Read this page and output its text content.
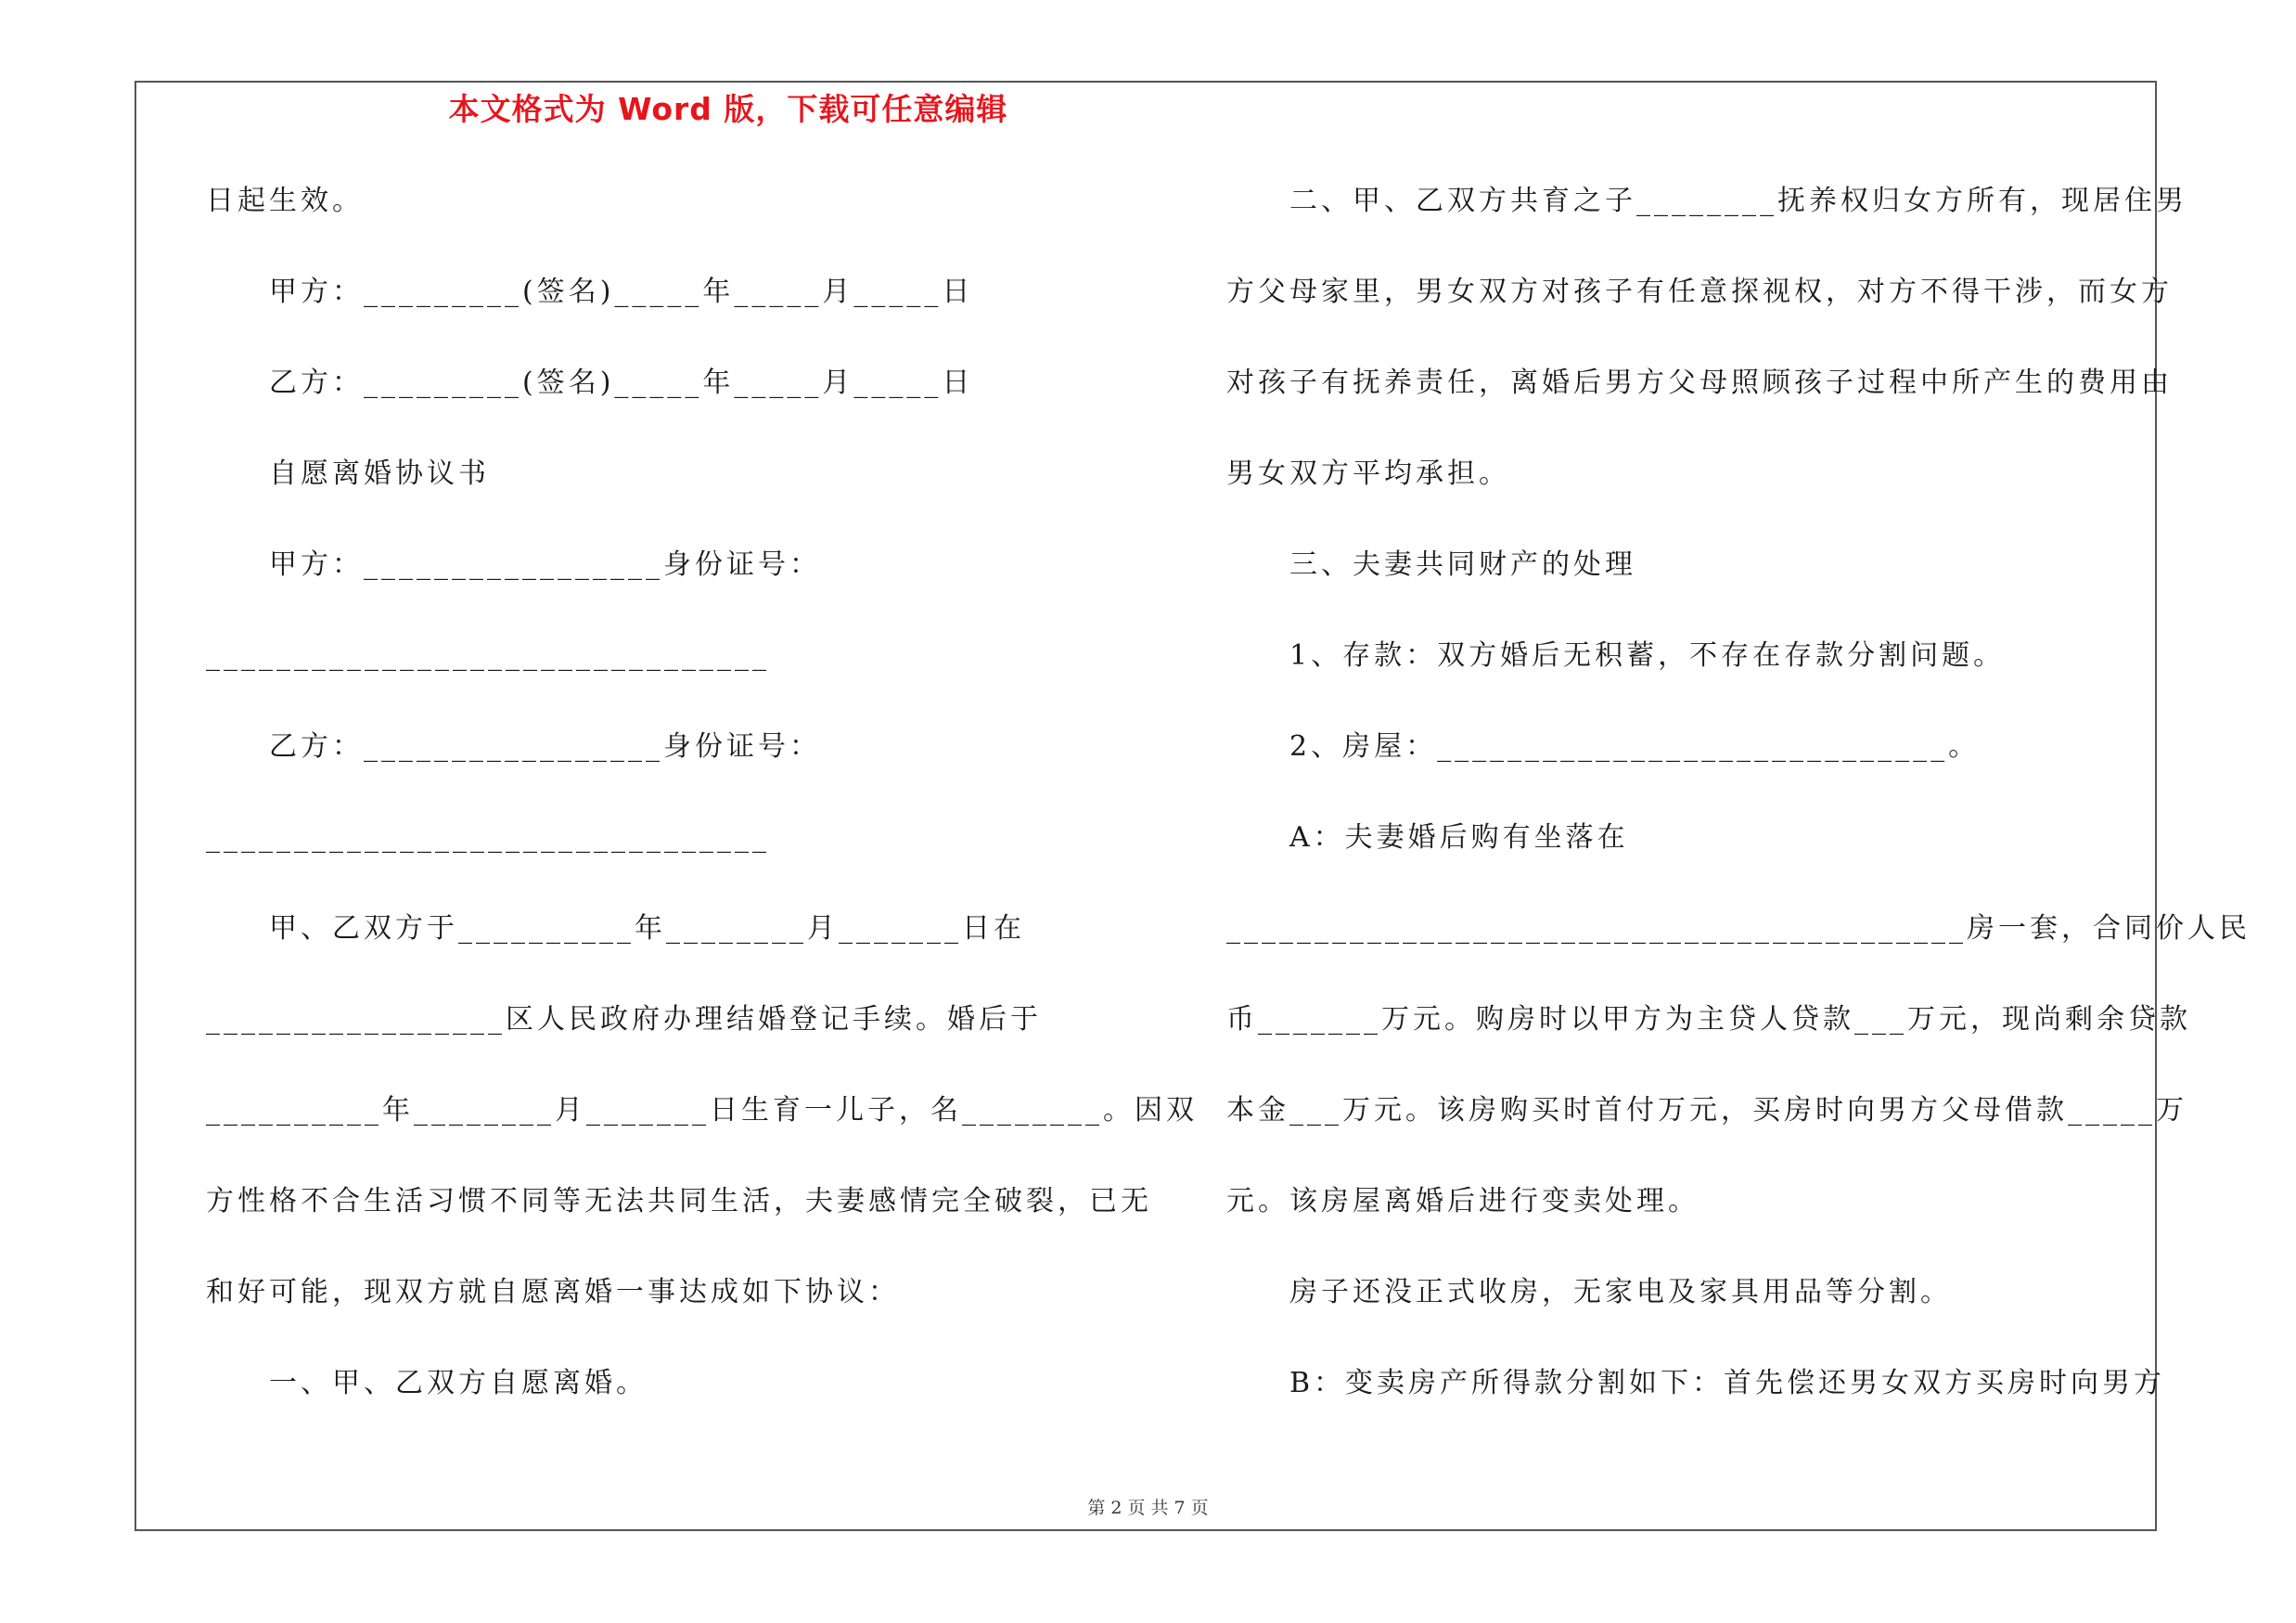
本文格式为 Word 版，下载可任意编辑
日起生效。
甲方：_________(签名)_____年_____月_____日
乙方：_________(签名)_____年_____月_____日
自愿离婚协议书
甲方：_________________身份证号：
________________________________
乙方：_________________身份证号：
________________________________
甲、乙双方于__________年________月_______日在
_________________区人民政府办理结婚登记手续。婚后于
__________年________月_______日生育一儿子，名________。因双
方性格不合生活习惯不同等无法共同生活，夫妻感情完全破裂，已无
和好可能，现双方就自愿离婚一事达成如下协议：
一、甲、乙双方自愿离婚。
二、甲、乙双方共育之子________抚养权归女方所有，现居住男
方父母家里，男女双方对孩子有任意探视权，对方不得干涉，而女方
对孩子有抚养责任，离婚后男方父母照顾孩子过程中所产生的费用由
男女双方平均承担。
三、夫妻共同财产的处理
1、存款：双方婚后无积蓄，不存在存款分割问题。
2、房屋：_____________________________。
A：夫妻婚后购有坐落在
__________________________________________房一套，合同价人民
币_______万元。购房时以甲方为主贷人贷款___万元，现尚剩余贷款
本金___万元。该房购买时首付万元，买房时向男方父母借款_____万
元。该房屋离婚后进行变卖处理。
房子还没正式收房，无家电及家具用品等分割。
B：变卖房产所得款分割如下：首先偿还男女双方买房时向男方
第 2 页 共 7 页
